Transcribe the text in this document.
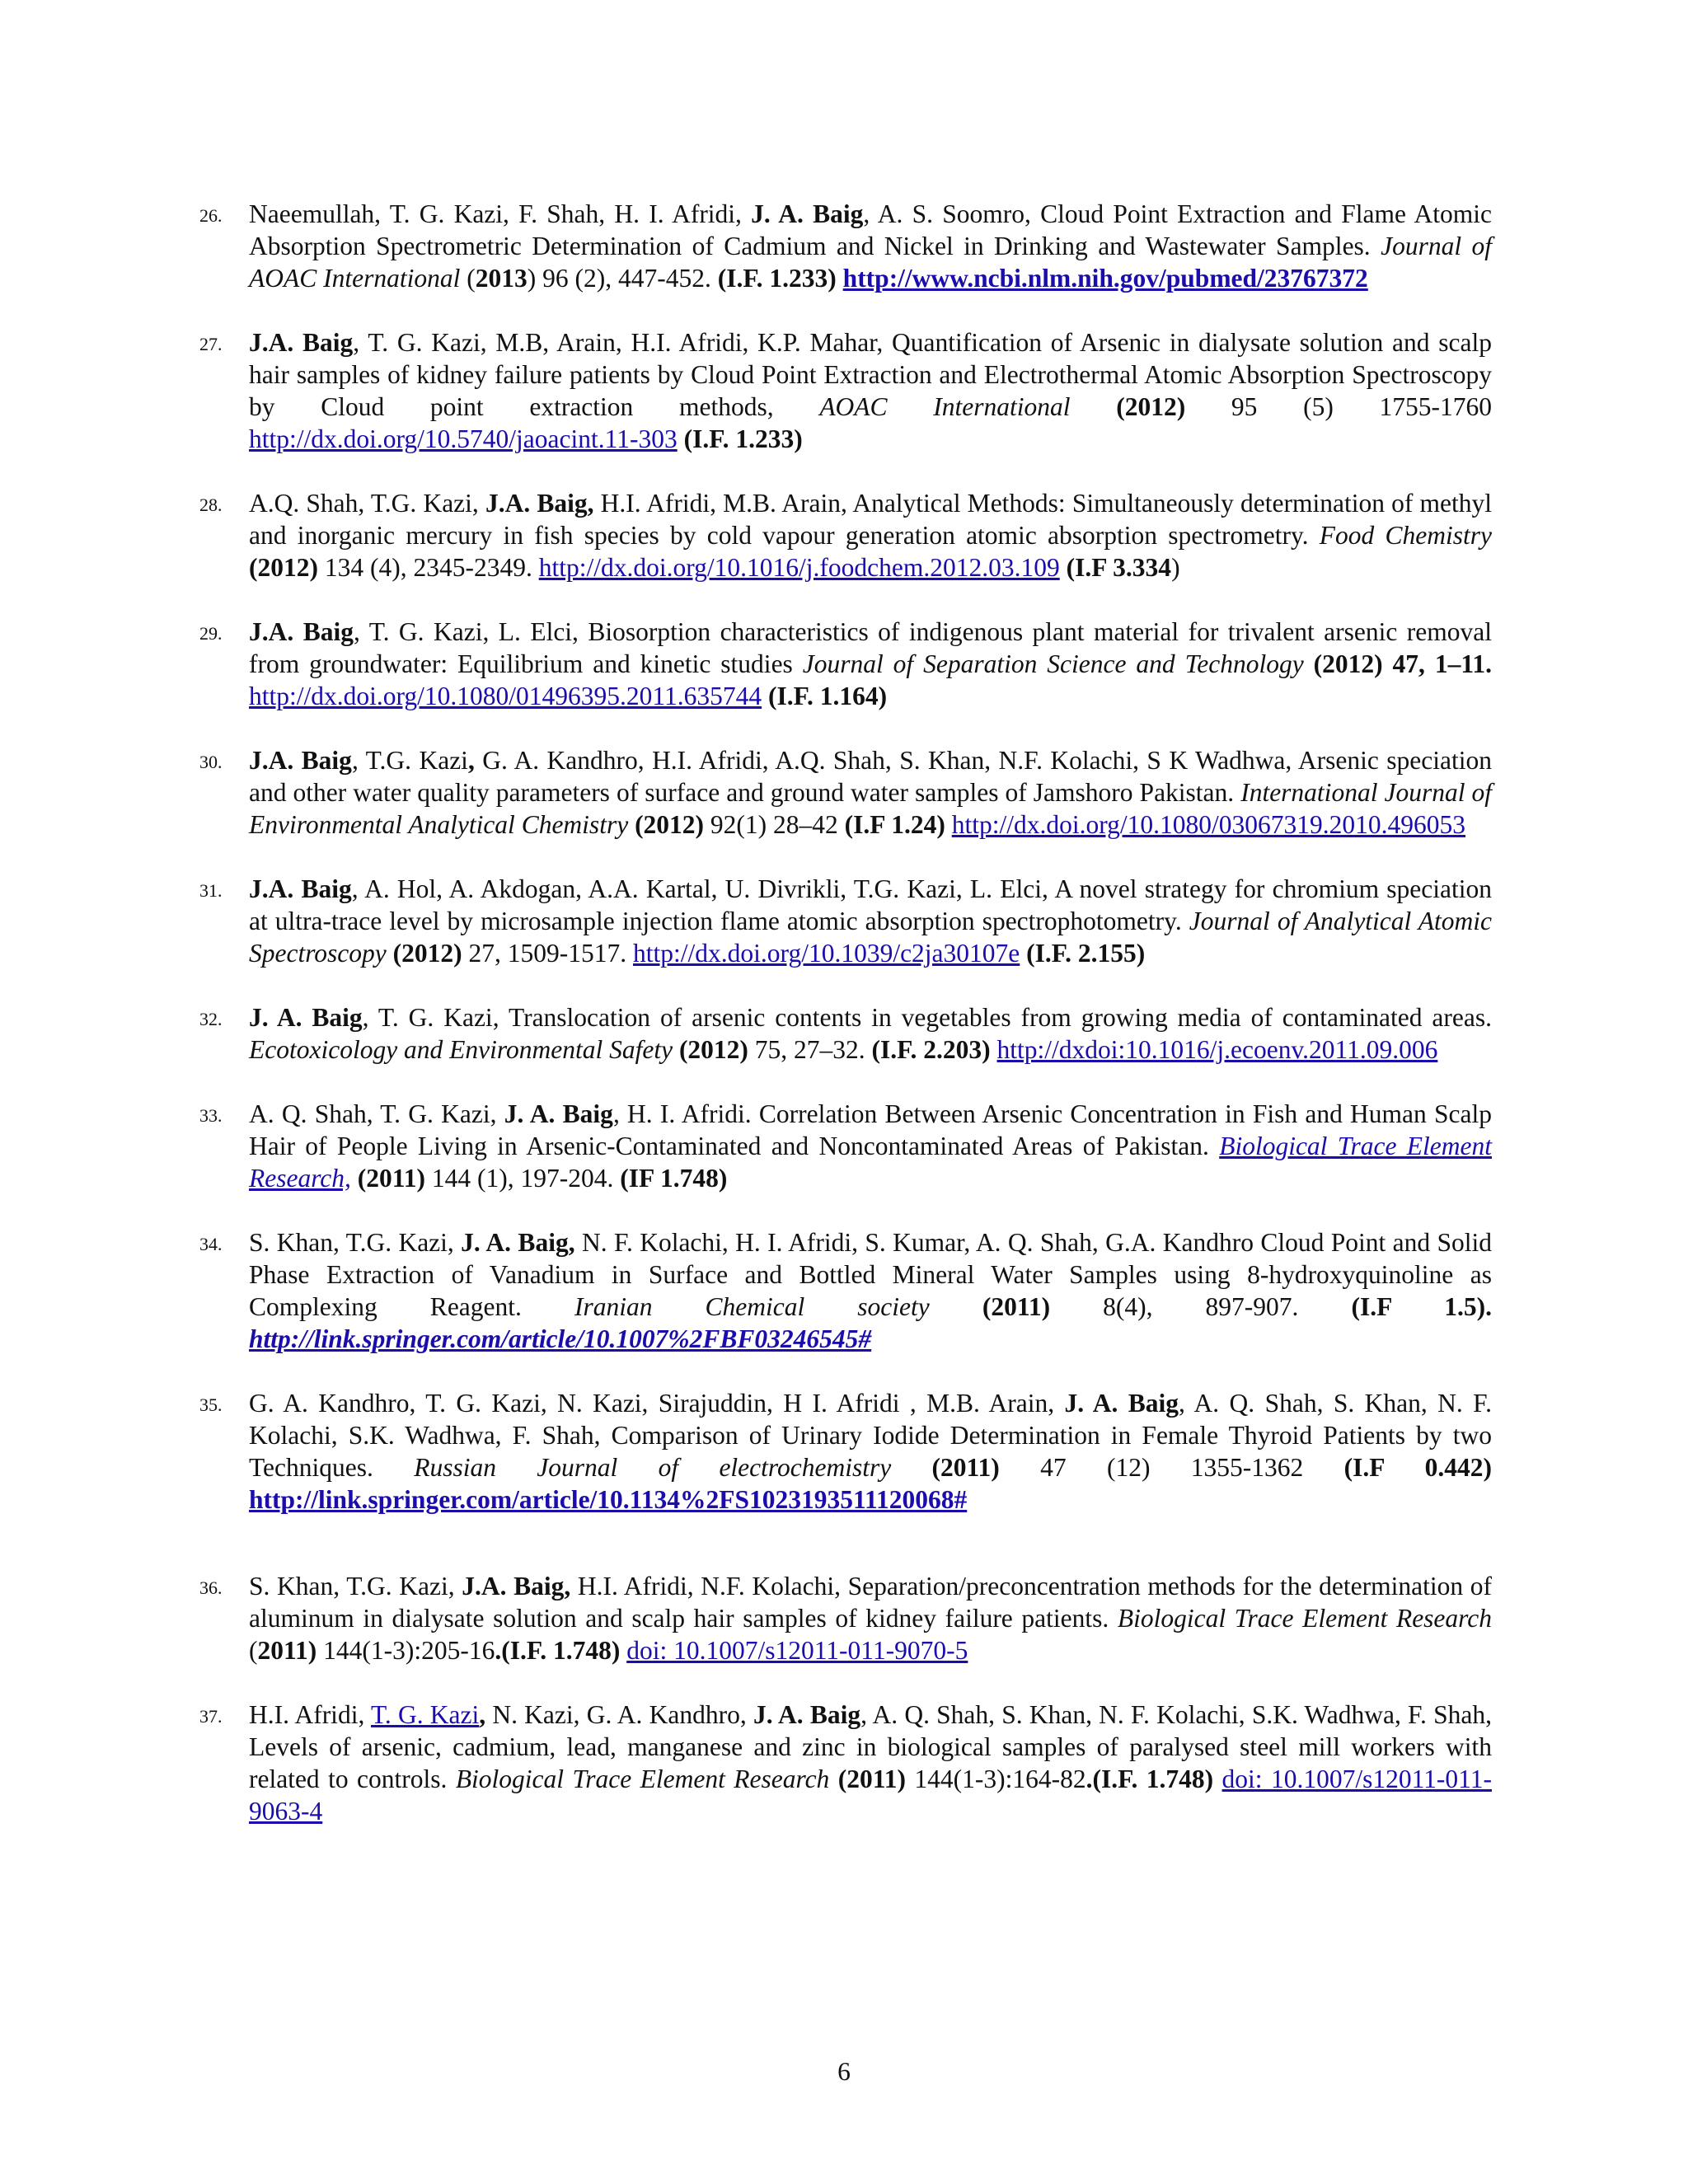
26. Naeemullah, T. G. Kazi, F. Shah, H. I. Afridi, J. A. Baig, A. S. Soomro, Cloud Point Extraction and Flame Atomic Absorption Spectrometric Determination of Cadmium and Nickel in Drinking and Wastewater Samples. Journal of AOAC International (2013) 96 (2), 447-452. (I.F. 1.233) http://www.ncbi.nlm.nih.gov/pubmed/23767372
27. J.A. Baig, T. G. Kazi, M.B, Arain, H.I. Afridi, K.P. Mahar, Quantification of Arsenic in dialysate solution and scalp hair samples of kidney failure patients by Cloud Point Extraction and Electrothermal Atomic Absorption Spectroscopy by Cloud point extraction methods, AOAC International (2012) 95 (5) 1755-1760 http://dx.doi.org/10.5740/jaoacint.11-303 (I.F. 1.233)
28. A.Q. Shah, T.G. Kazi, J.A. Baig, H.I. Afridi, M.B. Arain, Analytical Methods: Simultaneously determination of methyl and inorganic mercury in fish species by cold vapour generation atomic absorption spectrometry. Food Chemistry (2012) 134 (4), 2345-2349. http://dx.doi.org/10.1016/j.foodchem.2012.03.109 (I.F 3.334)
29. J.A. Baig, T. G. Kazi, L. Elci, Biosorption characteristics of indigenous plant material for trivalent arsenic removal from groundwater: Equilibrium and kinetic studies Journal of Separation Science and Technology (2012) 47, 1–11. http://dx.doi.org/10.1080/01496395.2011.635744 (I.F. 1.164)
30. J.A. Baig, T.G. Kazi, G. A. Kandhro, H.I. Afridi, A.Q. Shah, S. Khan, N.F. Kolachi, S K Wadhwa, Arsenic speciation and other water quality parameters of surface and ground water samples of Jamshoro Pakistan. International Journal of Environmental Analytical Chemistry (2012) 92(1) 28–42 (I.F 1.24) http://dx.doi.org/10.1080/03067319.2010.496053
31. J.A. Baig, A. Hol, A. Akdogan, A.A. Kartal, U. Divrikli, T.G. Kazi, L. Elci, A novel strategy for chromium speciation at ultra-trace level by microsample injection flame atomic absorption spectrophotometry. Journal of Analytical Atomic Spectroscopy (2012) 27, 1509-1517. http://dx.doi.org/10.1039/c2ja30107e (I.F. 2.155)
32. J. A. Baig, T. G. Kazi, Translocation of arsenic contents in vegetables from growing media of contaminated areas. Ecotoxicology and Environmental Safety (2012) 75, 27–32. (I.F. 2.203) http://dxdoi:10.1016/j.ecoenv.2011.09.006
33. A. Q. Shah, T. G. Kazi, J. A. Baig, H. I. Afridi. Correlation Between Arsenic Concentration in Fish and Human Scalp Hair of People Living in Arsenic-Contaminated and Noncontaminated Areas of Pakistan. Biological Trace Element Research, (2011) 144 (1), 197-204. (IF 1.748)
34. S. Khan, T.G. Kazi, J. A. Baig, N. F. Kolachi, H. I. Afridi, S. Kumar, A. Q. Shah, G.A. Kandhro Cloud Point and Solid Phase Extraction of Vanadium in Surface and Bottled Mineral Water Samples using 8-hydroxyquinoline as Complexing Reagent. Iranian Chemical society (2011) 8(4), 897-907. (I.F 1.5). http://link.springer.com/article/10.1007%2FBF03246545#
35. G. A. Kandhro, T. G. Kazi, N. Kazi, Sirajuddin, H I. Afridi , M.B. Arain, J. A. Baig, A. Q. Shah, S. Khan, N. F. Kolachi, S.K. Wadhwa, F. Shah, Comparison of Urinary Iodide Determination in Female Thyroid Patients by two Techniques. Russian Journal of electrochemistry (2011) 47 (12) 1355-1362 (I.F 0.442) http://link.springer.com/article/10.1134%2FS1023193511120068#
36. S. Khan, T.G. Kazi, J.A. Baig, H.I. Afridi, N.F. Kolachi, Separation/preconcentration methods for the determination of aluminum in dialysate solution and scalp hair samples of kidney failure patients. Biological Trace Element Research (2011) 144(1-3):205-16.(I.F. 1.748) doi: 10.1007/s12011-011-9070-5
37. H.I. Afridi, T. G. Kazi, N. Kazi, G. A. Kandhro, J. A. Baig, A. Q. Shah, S. Khan, N. F. Kolachi, S.K. Wadhwa, F. Shah, Levels of arsenic, cadmium, lead, manganese and zinc in biological samples of paralysed steel mill workers with related to controls. Biological Trace Element Research (2011) 144(1-3):164-82.(I.F. 1.748) doi: 10.1007/s12011-011-9063-4
6
